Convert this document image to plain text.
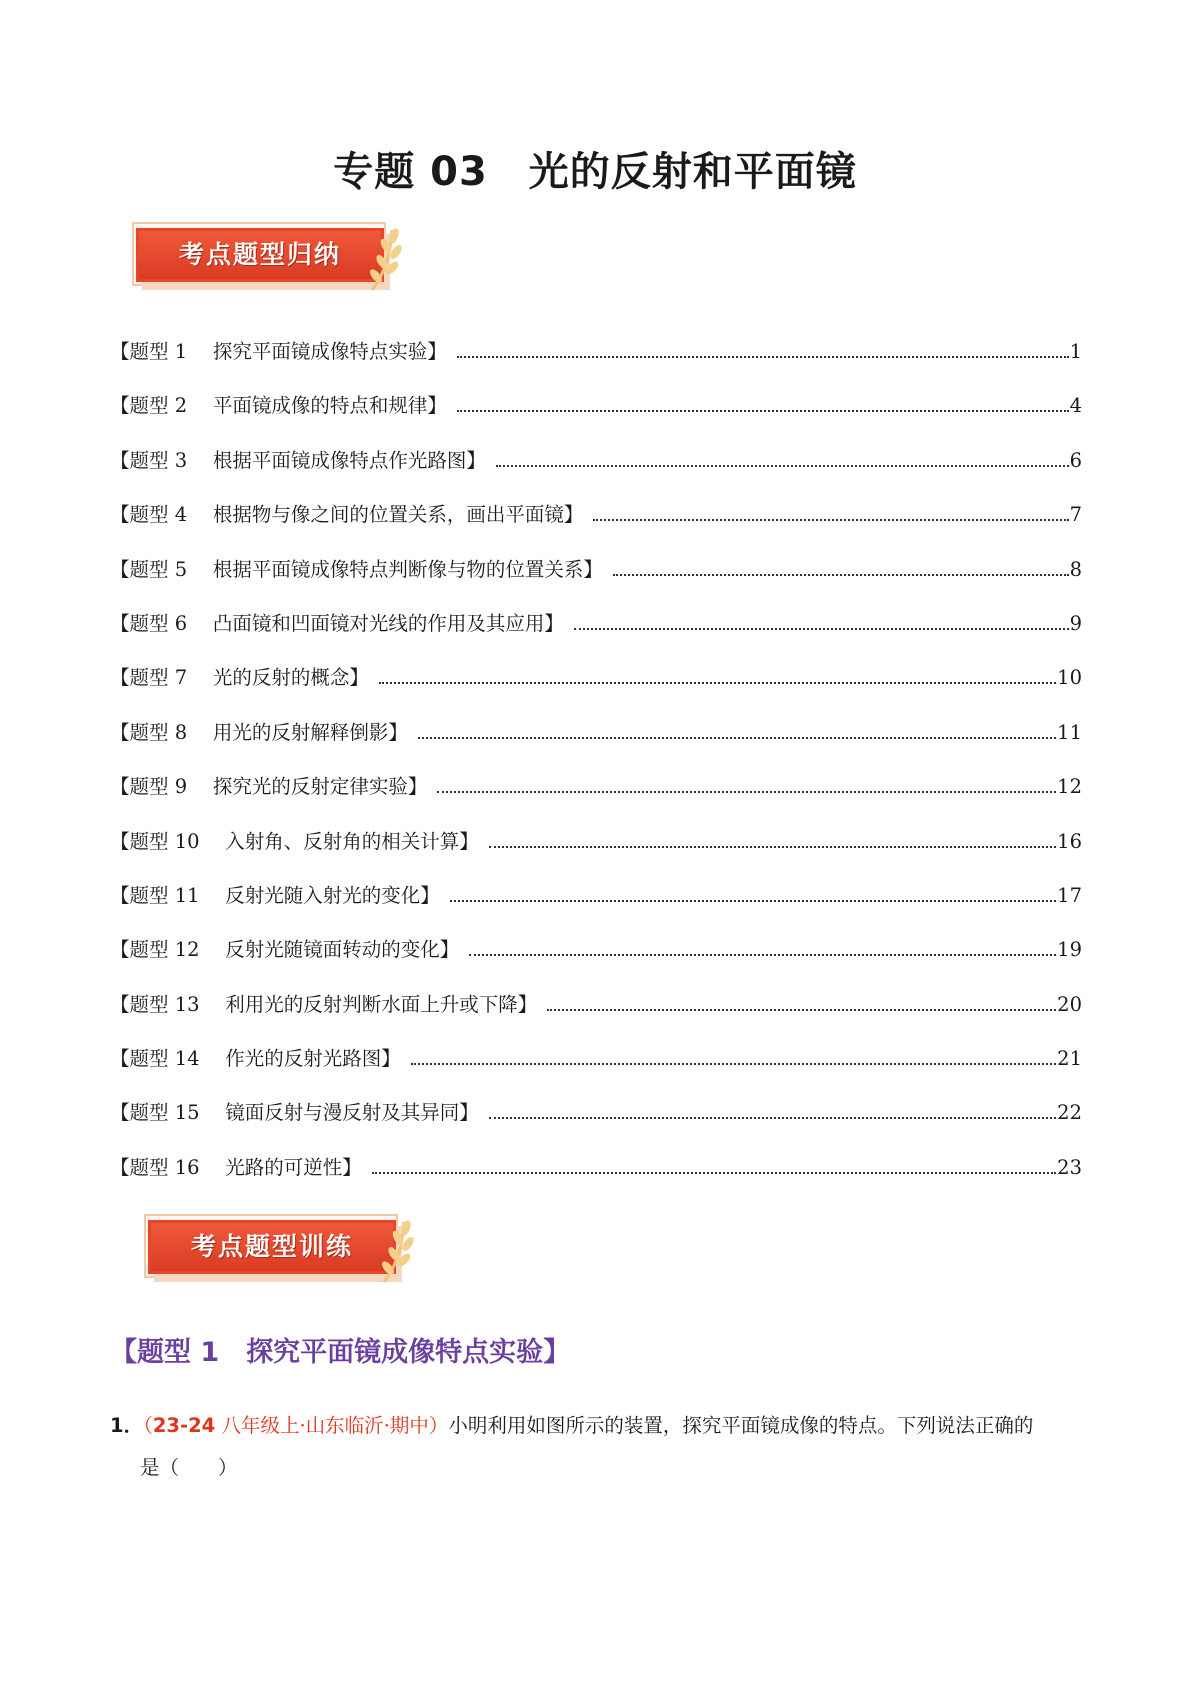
专题 03　光的反射和平面镜
考点题型归纳
【题型 1　 探究平面镜成像特点实验】	1
【题型 2　 平面镜成像的特点和规律】	4
【题型 3　 根据平面镜成像特点作光路图】	6
【题型 4　 根据物与像之间的位置关系，画出平面镜】	7
【题型 5　 根据平面镜成像特点判断像与物的位置关系】	8
【题型 6　 凸面镜和凹面镜对光线的作用及其应用】	9
【题型 7　 光的反射的概念】	10
【题型 8　 用光的反射解释倒影】	11
【题型 9　 探究光的反射定律实验】	12
【题型 10　 入射角、反射角的相关计算】	16
【题型 11　 反射光随入射光的变化】	17
【题型 12　 反射光随镜面转动的变化】	19
【题型 13　 利用光的反射判断水面上升或下降】	20
【题型 14　 作光的反射光路图】	21
【题型 15　 镜面反射与漫反射及其异同】	22
【题型 16　 光路的可逆性】	23
考点题型训练
【题型 1　 探究平面镜成像特点实验】
1．（23-24 八年级上·山东临沂·期中）小明利用如图所示的装置，探究平面镜成像的特点。下列说法正确的
是（　　）
